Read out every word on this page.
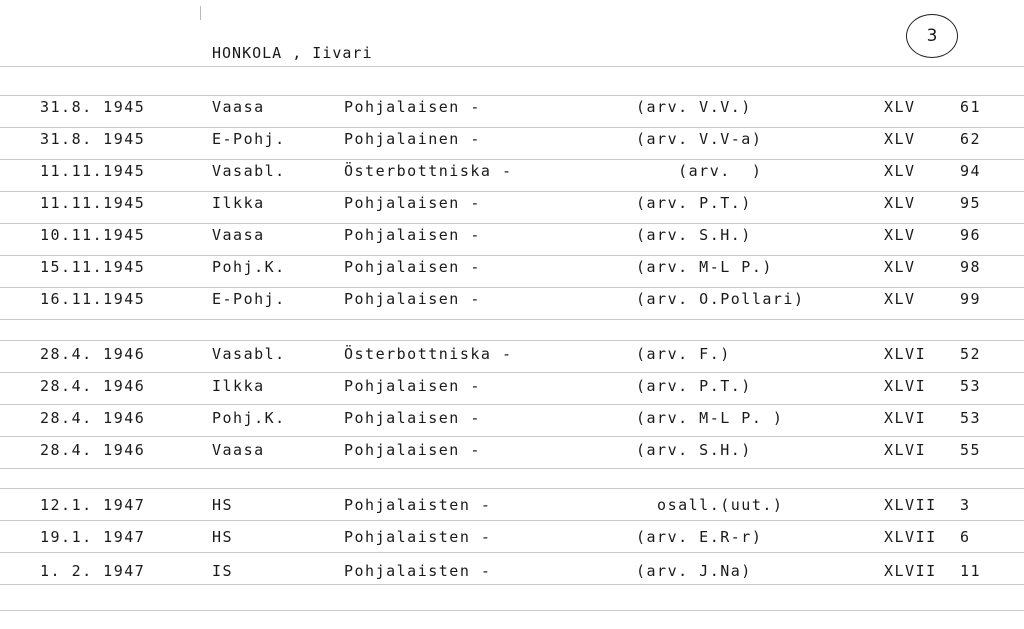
HONKOLA , Iivari
3
31.8. 1945	Vaasa	Pohjalaisen -	(arv. V.V.)	XLV	61
31.8. 1945	E-Pohj.	Pohjalainen -	(arv. V.V-a)	XLV	62
11.11.1945	Vasabl.	Österbottniska -	(arv.  )	XLV	94
11.11.1945	Ilkka	Pohjalaisen -	(arv. P.T.)	XLV	95
10.11.1945	Vaasa	Pohjalaisen -	(arv. S.H.)	XLV	96
15.11.1945	Pohj.K.	Pohjalaisen -	(arv. M-L P.)	XLV	98
16.11.1945	E-Pohj.	Pohjalaisen -	(arv. O.Pollari)	XLV	99
28.4. 1946	Vasabl.	Österbottniska -	(arv. F.)	XLVI 52
28.4. 1946	Ilkka	Pohjalaisen -	(arv. P.T.)	XLVI 53
28.4. 1946	Pohj.K.	Pohjalaisen -	(arv. M-L P. )	XLVI 53
28.4. 1946	Vaasa	Pohjalaisen -	(arv. S.H.)	XLVI 55
12.1. 1947	HS	Pohjalaisten -	osall.(uut.)	XLVII 3
19.1. 1947	HS	Pohjalaisten -	(arv. E.R-r)	XLVII 6
1. 2. 1947	IS	Pohjalaisten -	(arv. J.Na)	XLVII 11
